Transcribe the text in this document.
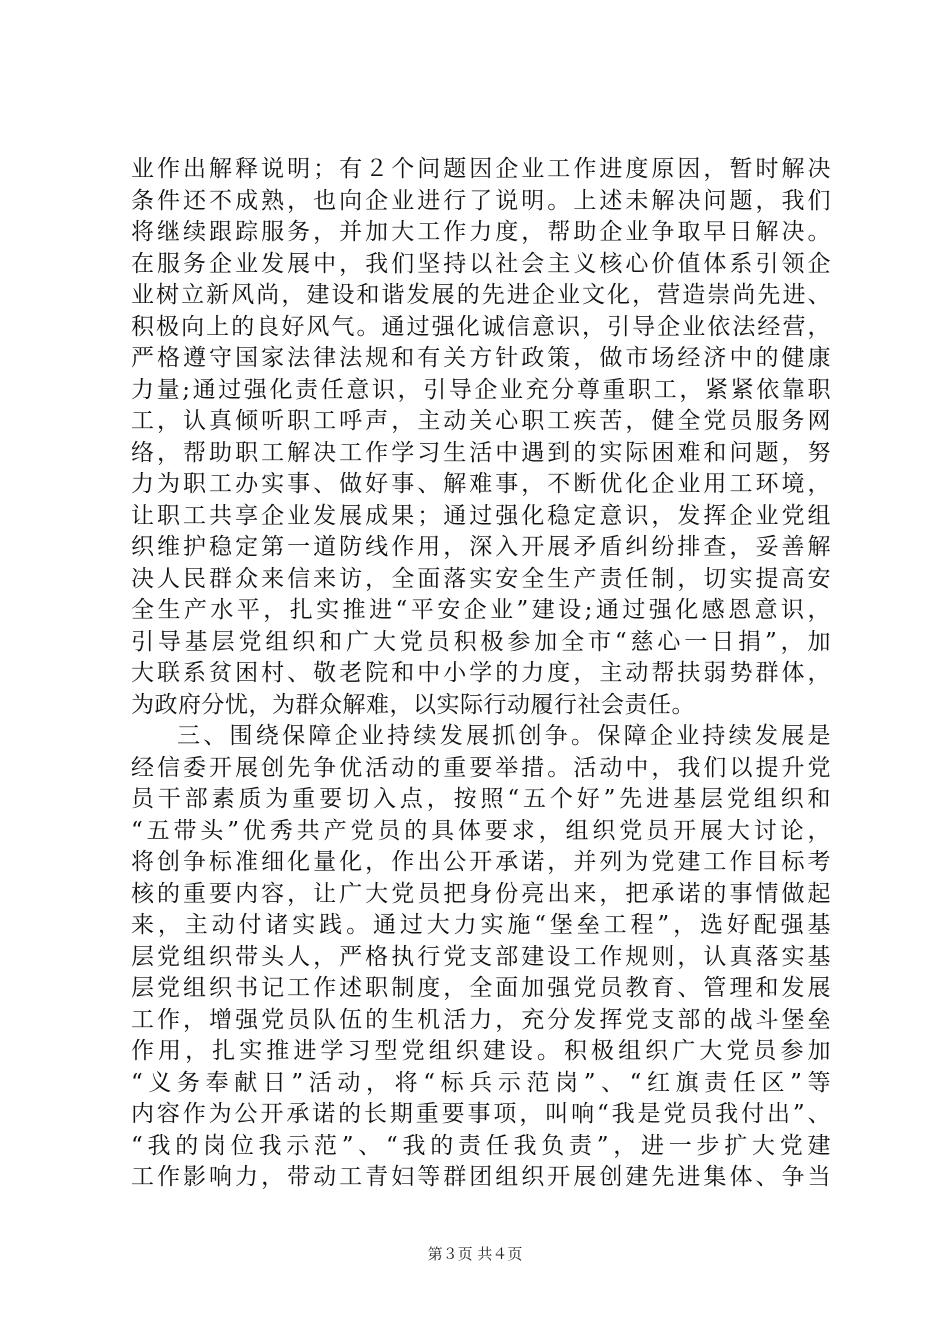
业作出解释说明；有２个问题因企业工作进度原因，暂时解决
条件还不成熟，也向企业进行了说明。上述未解决问题，我们
将继续跟踪服务，并加大工作力度，帮助企业争取早日解决。
在服务企业发展中，我们坚持以社会主义核心价值体系引领企
业树立新风尚，建设和谐发展的先进企业文化，营造崇尚先进、
积极向上的良好风气。通过强化诚信意识，引导企业依法经营，
严格遵守国家法律法规和有关方针政策，做市场经济中的健康
力量;通过强化责任意识，引导企业充分尊重职工，紧紧依靠职
工，认真倾听职工呼声，主动关心职工疾苦，健全党员服务网
络，帮助职工解决工作学习生活中遇到的实际困难和问题，努
力为职工办实事、做好事、解难事，不断优化企业用工环境，
让职工共享企业发展成果；通过强化稳定意识，发挥企业党组
织维护稳定第一道防线作用，深入开展矛盾纠纷排查，妥善解
决人民群众来信来访，全面落实安全生产责任制，切实提高安
全生产水平，扎实推进“平安企业”建设;通过强化感恩意识，
引导基层党组织和广大党员积极参加全市“慈心一日捐”，加
大联系贫困村、敬老院和中小学的力度，主动帮扶弱势群体，
为政府分忧，为群众解难，以实际行动履行社会责任。
三、围绕保障企业持续发展抓创争。保障企业持续发展是
经信委开展创先争优活动的重要举措。活动中，我们以提升党
员干部素质为重要切入点，按照“五个好”先进基层党组织和
“五带头”优秀共产党员的具体要求，组织党员开展大讨论，
将创争标准细化量化，作出公开承诺，并列为党建工作目标考
核的重要内容，让广大党员把身份亮出来，把承诺的事情做起
来，主动付诸实践。通过大力实施“堡垒工程”，选好配强基
层党组织带头人，严格执行党支部建设工作规则，认真落实基
层党组织书记工作述职制度，全面加强党员教育、管理和发展
工作，增强党员队伍的生机活力，充分发挥党支部的战斗堡垒
作用，扎实推进学习型党组织建设。积极组织广大党员参加
“义务奉献日”活动，将“标兵示范岗”、“红旗责任区”等
内容作为公开承诺的长期重要事项，叫响“我是党员我付出”、
“我的岗位我示范”、“我的责任我负责”，进一步扩大党建
工作影响力，带动工青妇等群团组织开展创建先进集体、争当
第３页 共４页
